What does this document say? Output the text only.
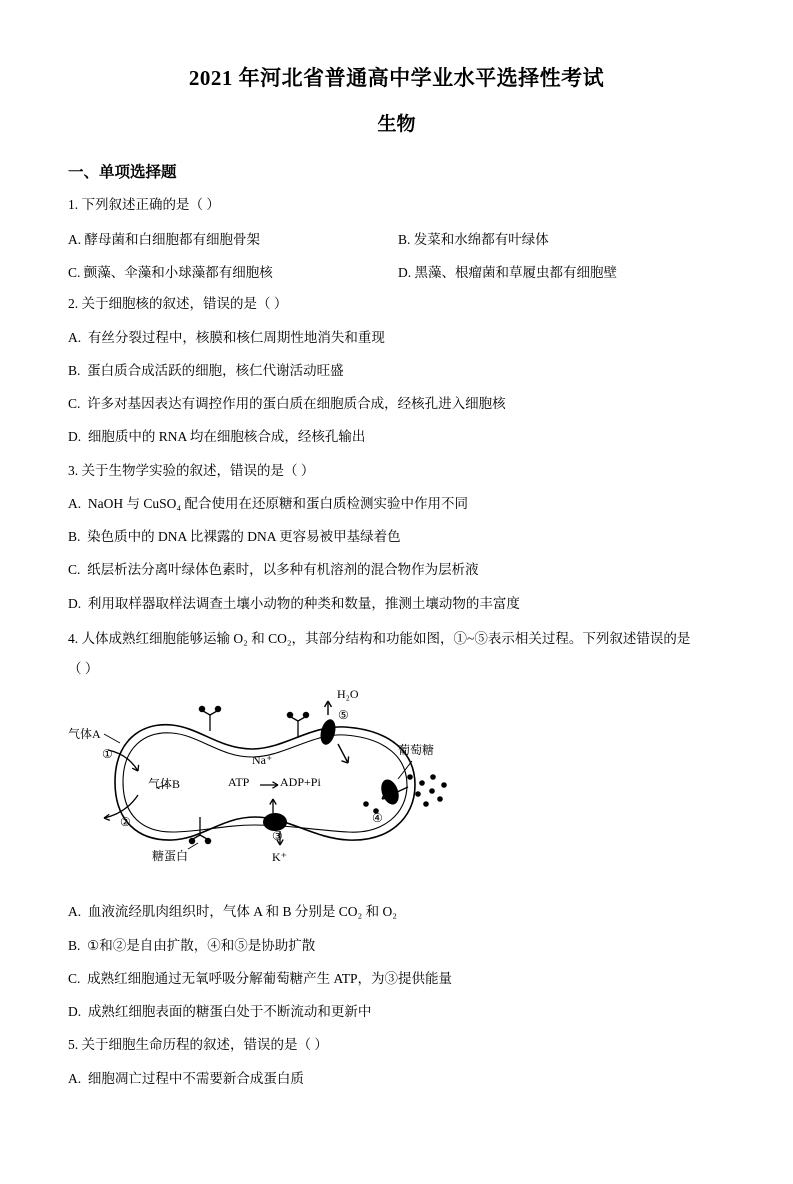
2021 年河北省普通高中学业水平选择性考试
生物
一、单项选择题
1. 下列叙述正确的是（ ）
A. 酵母菌和白细胞都有细胞骨架	B. 发菜和水绵都有叶绿体
C. 颤藻、伞藻和小球藻都有细胞核	D. 黑藻、根瘤菌和草履虫都有细胞壁
2. 关于细胞核的叙述，错误的是（ ）
A. 有丝分裂过程中，核膜和核仁周期性地消失和重现
B. 蛋白质合成活跃的细胞，核仁代谢活动旺盛
C. 许多对基因表达有调控作用的蛋白质在细胞质合成，经核孔进入细胞核
D. 细胞质中的 RNA 均在细胞核合成，经核孔输出
3. 关于生物学实验的叙述，错误的是（ ）
A. NaOH 与 CuSO₄ 配合使用在还原糖和蛋白质检测实验中作用不同
B. 染色质中的 DNA 比裸露的 DNA 更容易被甲基绿着色
C. 纸层析法分离叶绿体色素时，以多种有机溶剂的混合物作为层析液
D. 利用取样器取样法调查土壤小动物的种类和数量，推测土壤动物的丰富度
4. 人体成熟红细胞能够运输 O₂ 和 CO₂，其部分结构和功能如图，①~⑤表示相关过程。下列叙述错误的是
（ ）
H₂O
⑤
气体A
①
气体B
②
糖蛋白
Na⁺
ATP	ADP+Pi
③
K⁺
葡萄糖
④
A. 血液流经肌肉组织时，气体 A 和 B 分别是 CO₂ 和 O₂
B. ①和②是自由扩散，④和⑤是协助扩散
C. 成熟红细胞通过无氧呼吸分解葡萄糖产生 ATP，为③提供能量
D. 成熟红细胞表面的糖蛋白处于不断流动和更新中
5. 关于细胞生命历程的叙述，错误的是（ ）
A. 细胞凋亡过程中不需要新合成蛋白质
